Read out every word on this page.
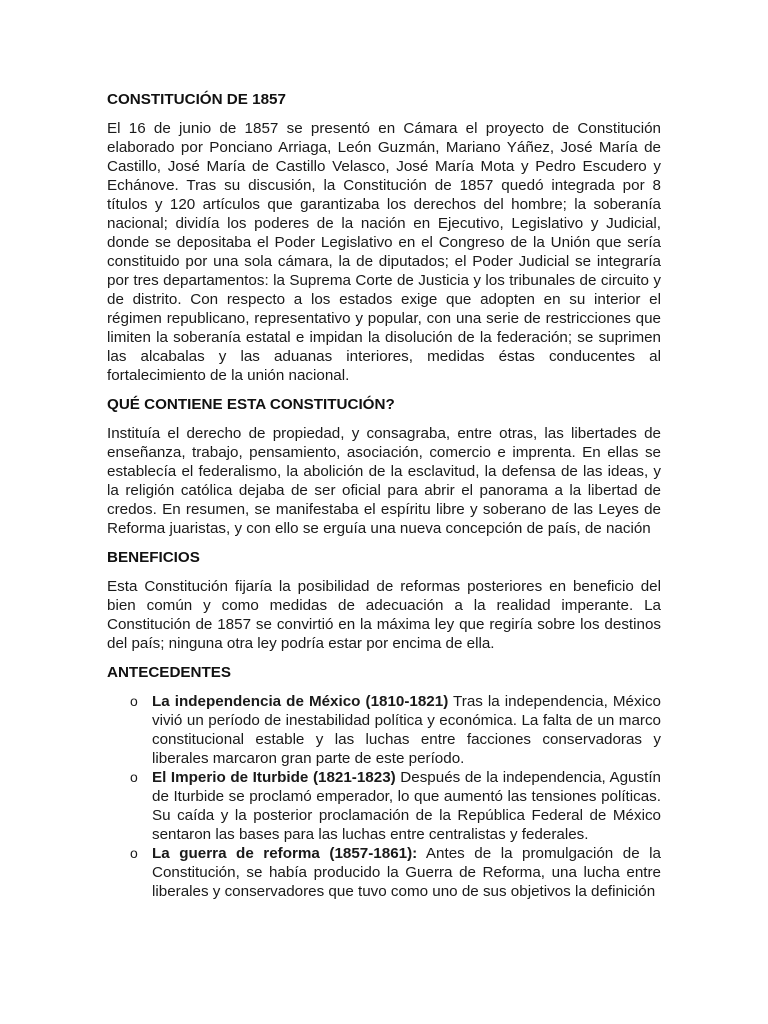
CONSTITUCIÓN DE 1857

El 16 de junio de 1857 se presentó en Cámara el proyecto de Constitución elaborado por Ponciano Arriaga, León Guzmán, Mariano Yáñez, José María de Castillo, José María de Castillo Velasco, José María Mota y Pedro Escudero y Echánove. Tras su discusión, la Constitución de 1857 quedó integrada por 8 títulos y 120 artículos que garantizaba los derechos del hombre; la soberanía nacional; dividía los poderes de la nación en Ejecutivo, Legislativo y Judicial, donde se depositaba el Poder Legislativo en el Congreso de la Unión que sería constituido por una sola cámara, la de diputados; el Poder Judicial se integraría por tres departamentos: la Suprema Corte de Justicia y los tribunales de circuito y de distrito. Con respecto a los estados exige que adopten en su interior el régimen republicano, representativo y popular, con una serie de restricciones que limiten la soberanía estatal e impidan la disolución de la federación; se suprimen las alcabalas y las aduanas interiores, medidas éstas conducentes al fortalecimiento de la unión nacional.

QUÉ CONTIENE ESTA CONSTITUCIÓN?

Instituía el derecho de propiedad, y consagraba, entre otras, las libertades de enseñanza, trabajo, pensamiento, asociación, comercio e imprenta. En ellas se establecía el federalismo, la abolición de la esclavitud, la defensa de las ideas, y la religión católica dejaba de ser oficial para abrir el panorama a la libertad de credos. En resumen, se manifestaba el espíritu libre y soberano de las Leyes de Reforma juaristas, y con ello se erguía una nueva concepción de país, de nación

BENEFICIOS

Esta Constitución fijaría la posibilidad de reformas posteriores en beneficio del bien común y como medidas de adecuación a la realidad imperante. La Constitución de 1857 se convirtió en la máxima ley que regiría sobre los destinos del país; ninguna otra ley podría estar por encima de ella.

ANTECEDENTES
o La independencia de México (1810-1821) Tras la independencia, México vivió un período de inestabilidad política y económica. La falta de un marco constitucional estable y las luchas entre facciones conservadoras y liberales marcaron gran parte de este período.
o El Imperio de Iturbide (1821-1823) Después de la independencia, Agustín de Iturbide se proclamó emperador, lo que aumentó las tensiones políticas. Su caída y la posterior proclamación de la República Federal de México sentaron las bases para las luchas entre centralistas y federales.
o La guerra de reforma (1857-1861): Antes de la promulgación de la Constitución, se había producido la Guerra de Reforma, una lucha entre liberales y conservadores que tuvo como uno de sus objetivos la definición
